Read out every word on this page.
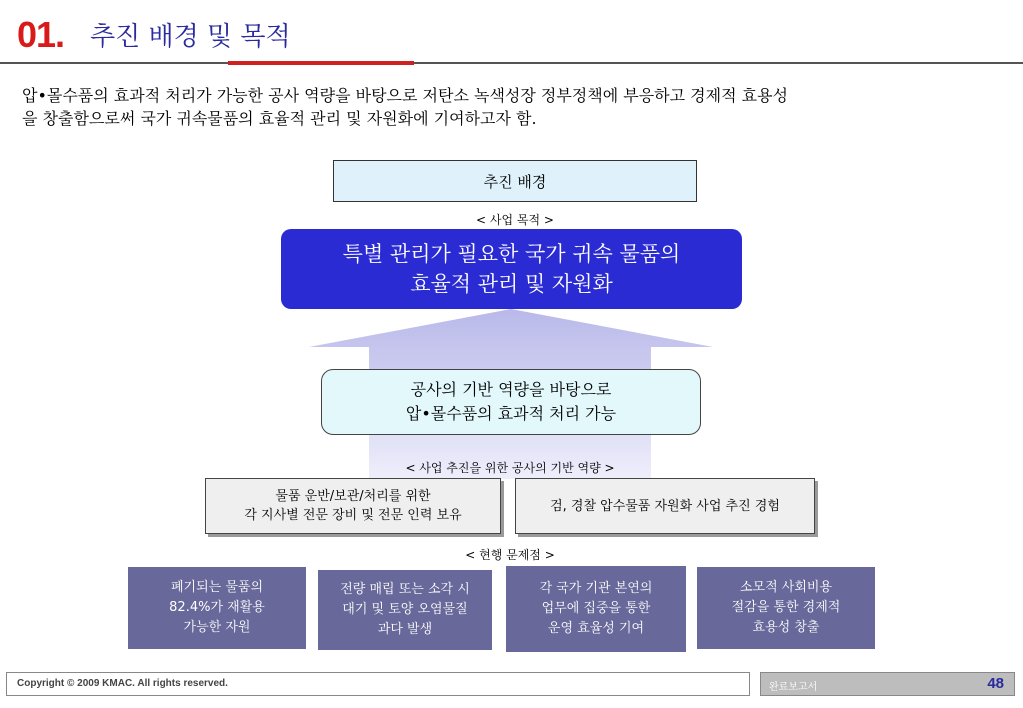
01. 추진 배경 및 목적
압•몰수품의 효과적 처리가 가능한 공사 역량을 바탕으로 저탄소 녹색성장 정부정책에 부응하고 경제적 효용성
을 창출함으로써 국가 귀속물품의 효율적 관리 및 자원화에 기여하고자 함.
추진 배경
< 사업 목적 >
특별 관리가 필요한 국가 귀속 물품의
효율적 관리 및 자원화
공사의 기반 역량을 바탕으로
압•몰수품의 효과적 처리 가능
< 사업 추진을 위한 공사의 기반 역량 >
물품 운반/보관/처리를 위한
각 지사별 전문 장비 및 전문 인력 보유
검, 경찰 압수물품 자원화 사업 추진 경험
< 현행 문제점 >
폐기되는 물품의
82.4%가 재활용
가능한 자원
전량 매립 또는 소각 시
대기 및 토양 오염물질
과다 발생
각 국가 기관 본연의
업무에 집중을 통한
운영 효율성 기여
소모적 사회비용
절감을 통한 경제적
효용성 창출
Copyright © 2009 KMAC. All rights reserved.	완료보고서	48
